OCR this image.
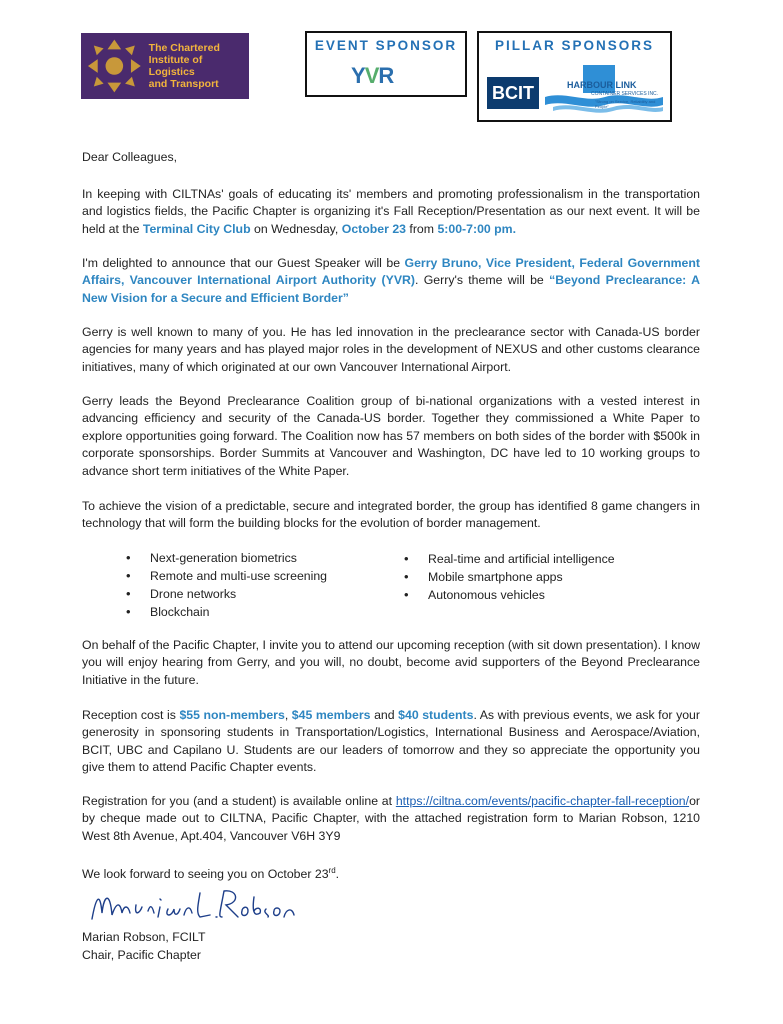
The Chartered
Institute of Logistics
and Transport
EVENT SPONSOR
YVR
PILLAR SPONSORS
BCIT	HARBOUR LINK
CONTAINER SERVICES INC.
"Strong on Service, Reliability and People"
Dear Colleagues,

In keeping with CILTNAs' goals of educating its' members and promoting professionalism in the transportation and logistics fields, the Pacific Chapter is organizing it's Fall Reception/Presentation as our next event. It will be held at the Terminal City Club on Wednesday, October 23 from 5:00-7:00 pm.

I'm delighted to announce that our Guest Speaker will be Gerry Bruno, Vice President, Federal Government Affairs, Vancouver International Airport Authority (YVR). Gerry's theme will be “Beyond Preclearance: A New Vision for a Secure and Efficient Border”

Gerry is well known to many of you. He has led innovation in the preclearance sector with Canada-US border agencies for many years and has played major roles in the development of NEXUS and other customs clearance initiatives, many of which originated at our own Vancouver International Airport.

Gerry leads the Beyond Preclearance Coalition group of bi-national organizations with a vested interest in advancing efficiency and security of the Canada-US border. Together they commissioned a White Paper to explore opportunities going forward. The Coalition now has 57 members on both sides of the border with $500k in corporate sponsorships. Border Summits at Vancouver and Washington, DC have led to 10 working groups to advance short term initiatives of the White Paper.

To achieve the vision of a predictable, secure and integrated border, the group has identified 8 game changers in technology that will form the building blocks for the evolution of border management.

• Next-generation biometrics
• Remote and multi-use screening
• Drone networks
• Blockchain
• Real-time and artificial intelligence
• Mobile smartphone apps
• Autonomous vehicles

On behalf of the Pacific Chapter, I invite you to attend our upcoming reception (with sit down presentation). I know you will enjoy hearing from Gerry, and you will, no doubt, become avid supporters of the Beyond Preclearance Initiative in the future.

Reception cost is $55 non-members, $45 members and $40 students. As with previous events, we ask for your generosity in sponsoring students in Transportation/Logistics, International Business and Aerospace/Aviation, BCIT, UBC and Capilano U. Students are our leaders of tomorrow and they so appreciate the opportunity you give them to attend Pacific Chapter events.

Registration for you (and a student) is available online at https://ciltna.com/events/pacific-chapter-fall-reception/or by cheque made out to CILTNA, Pacific Chapter, with the attached registration form to Marian Robson, 1210 West 8th Avenue, Apt.404, Vancouver V6H 3Y9

We look forward to seeing you on October 23rd.
Marian Robson, FCILT
Chair, Pacific Chapter
